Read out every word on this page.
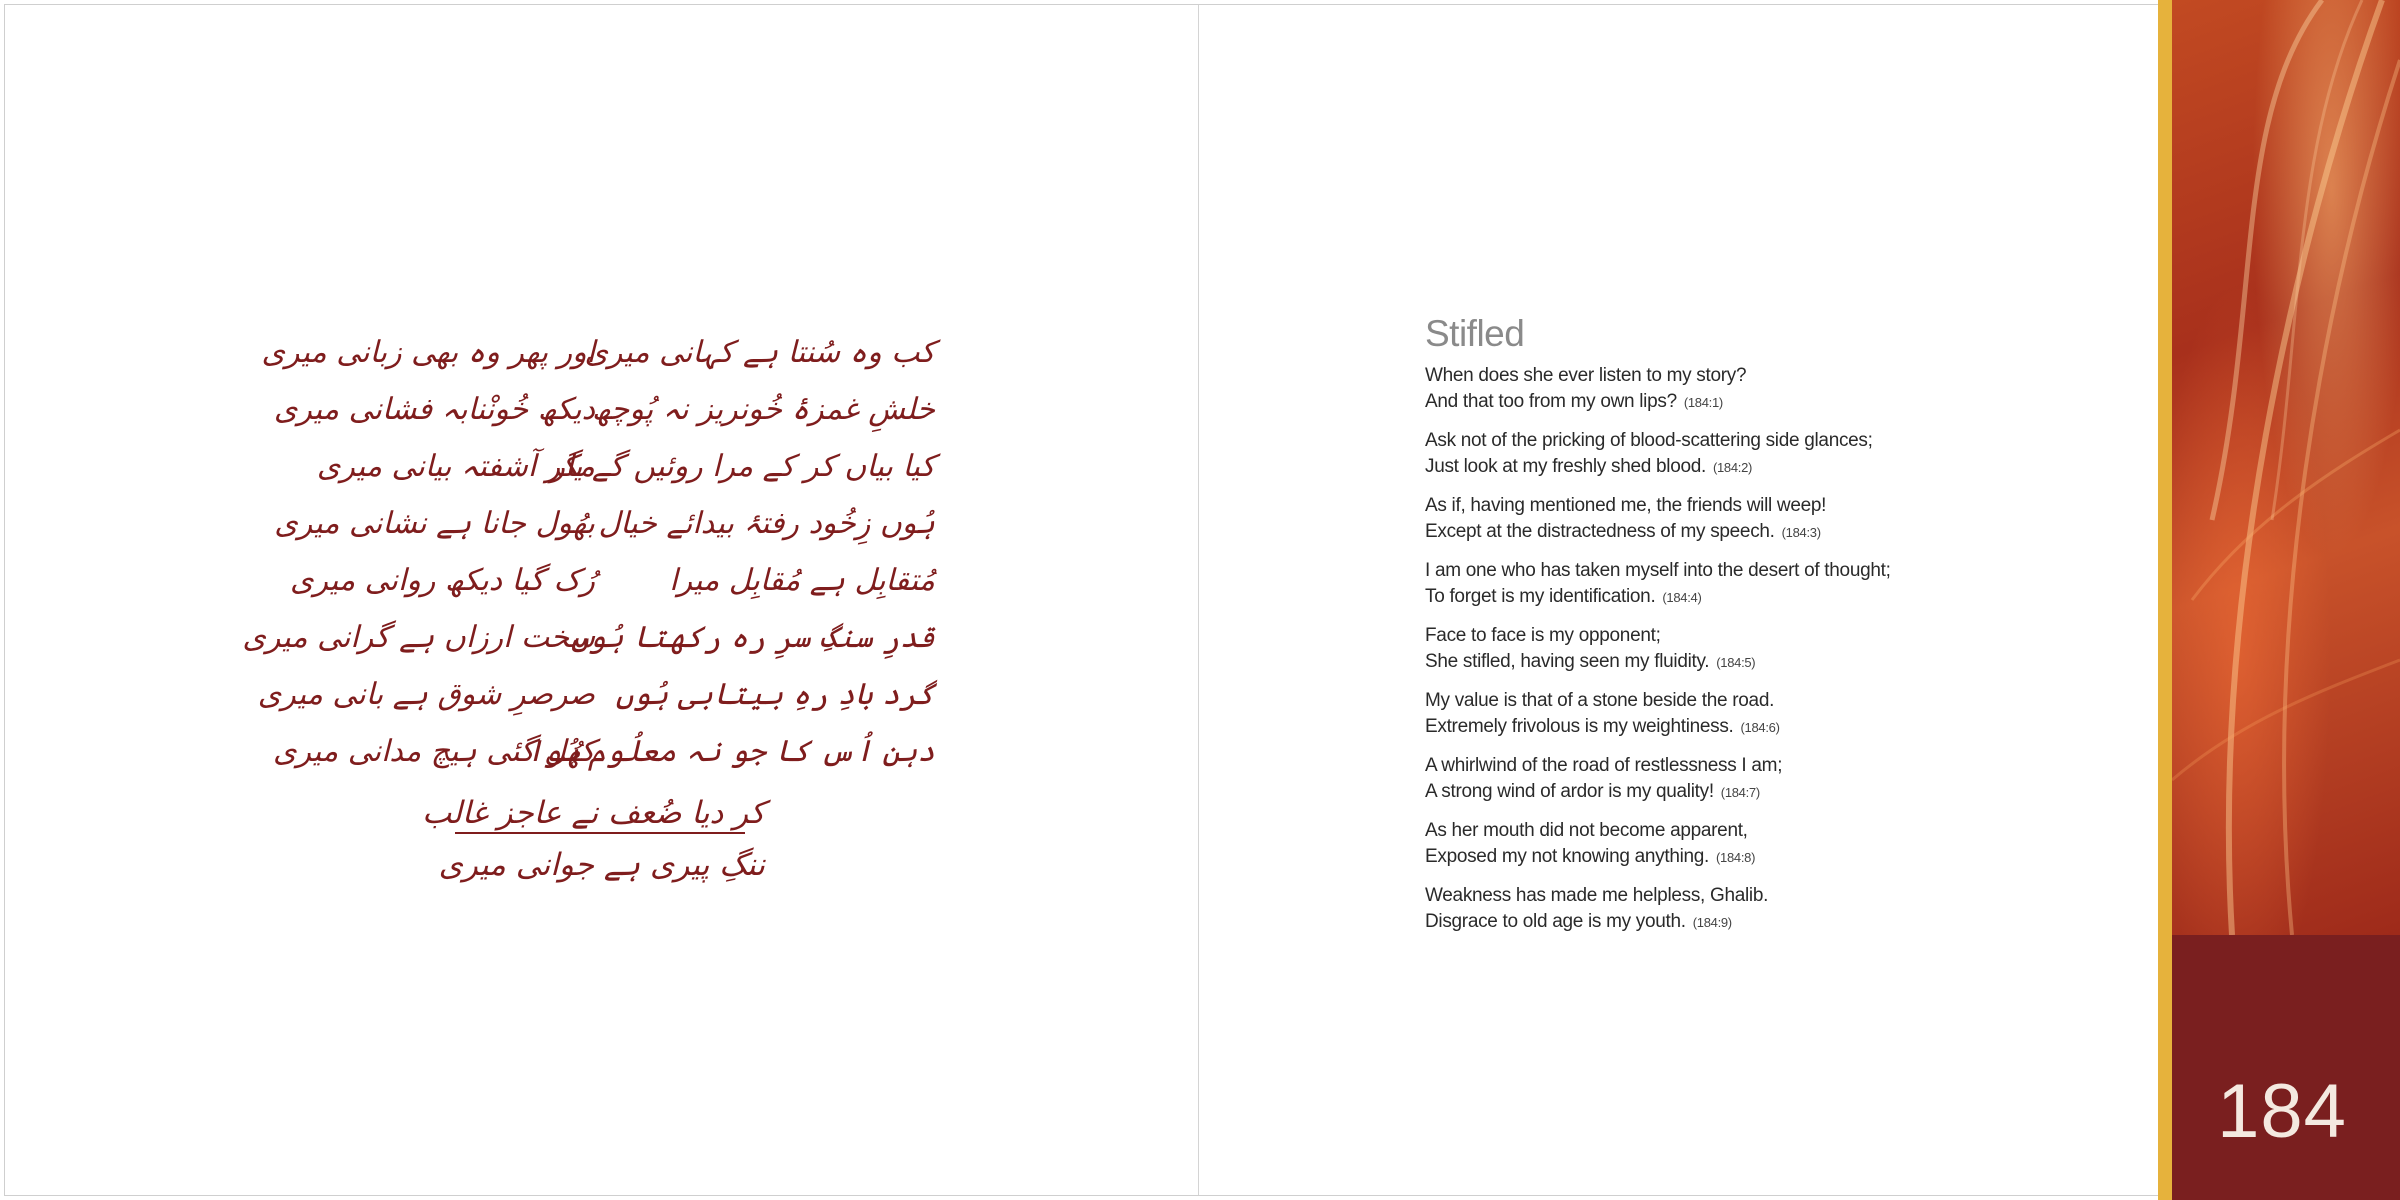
کب وہ سُنتا ہے کہانی میری
اور پھر وہ بھی زبانی میری
خلشِ غمزۂ خُونریز نہ پُوچھ
دیکھ خُونْنابہ فشانی میری
کیا بیاں کر کے مرا روئیں گے یار
مگر آشفتہ بیانی میری
ہُوں زِخُود رفتۂ بیدائے خیال
بھُول جانا ہے نشانی میری
مُتقابِل ہے مُقابِل میرا
رُک گیا دیکھ روانی میری
قدرِ سنگِ سرِ رہ رکھتا ہُوں
سخت ارزاں ہے گرانی میری
گرد بادِ رہِ بیتابی ہُوں
صرصرِ شوق ہے بانی میری
دہن اُس کا جو نہ معلُوم ہُوا
کھُل گئی ہیچ مدانی میری
کر دیا ضُعف نے عاجز غالب
ننگِ پیری ہے جوانی میری
Stifled

When does she ever listen to my story?
And that too from my own lips? (184:1)

Ask not of the pricking of blood-scattering side glances;
Just look at my freshly shed blood. (184:2)

As if, having mentioned me, the friends will weep!
Except at the distractedness of my speech. (184:3)

I am one who has taken myself into the desert of thought;
To forget is my identification. (184:4)

Face to face is my opponent;
She stifled, having seen my fluidity. (184:5)

My value is that of a stone beside the road.
Extremely frivolous is my weightiness. (184:6)

A whirlwind of the road of restlessness I am;
A strong wind of ardor is my quality! (184:7)

As her mouth did not become apparent,
Exposed my not knowing anything. (184:8)

Weakness has made me helpless, Ghalib.
Disgrace to old age is my youth. (184:9)

184
